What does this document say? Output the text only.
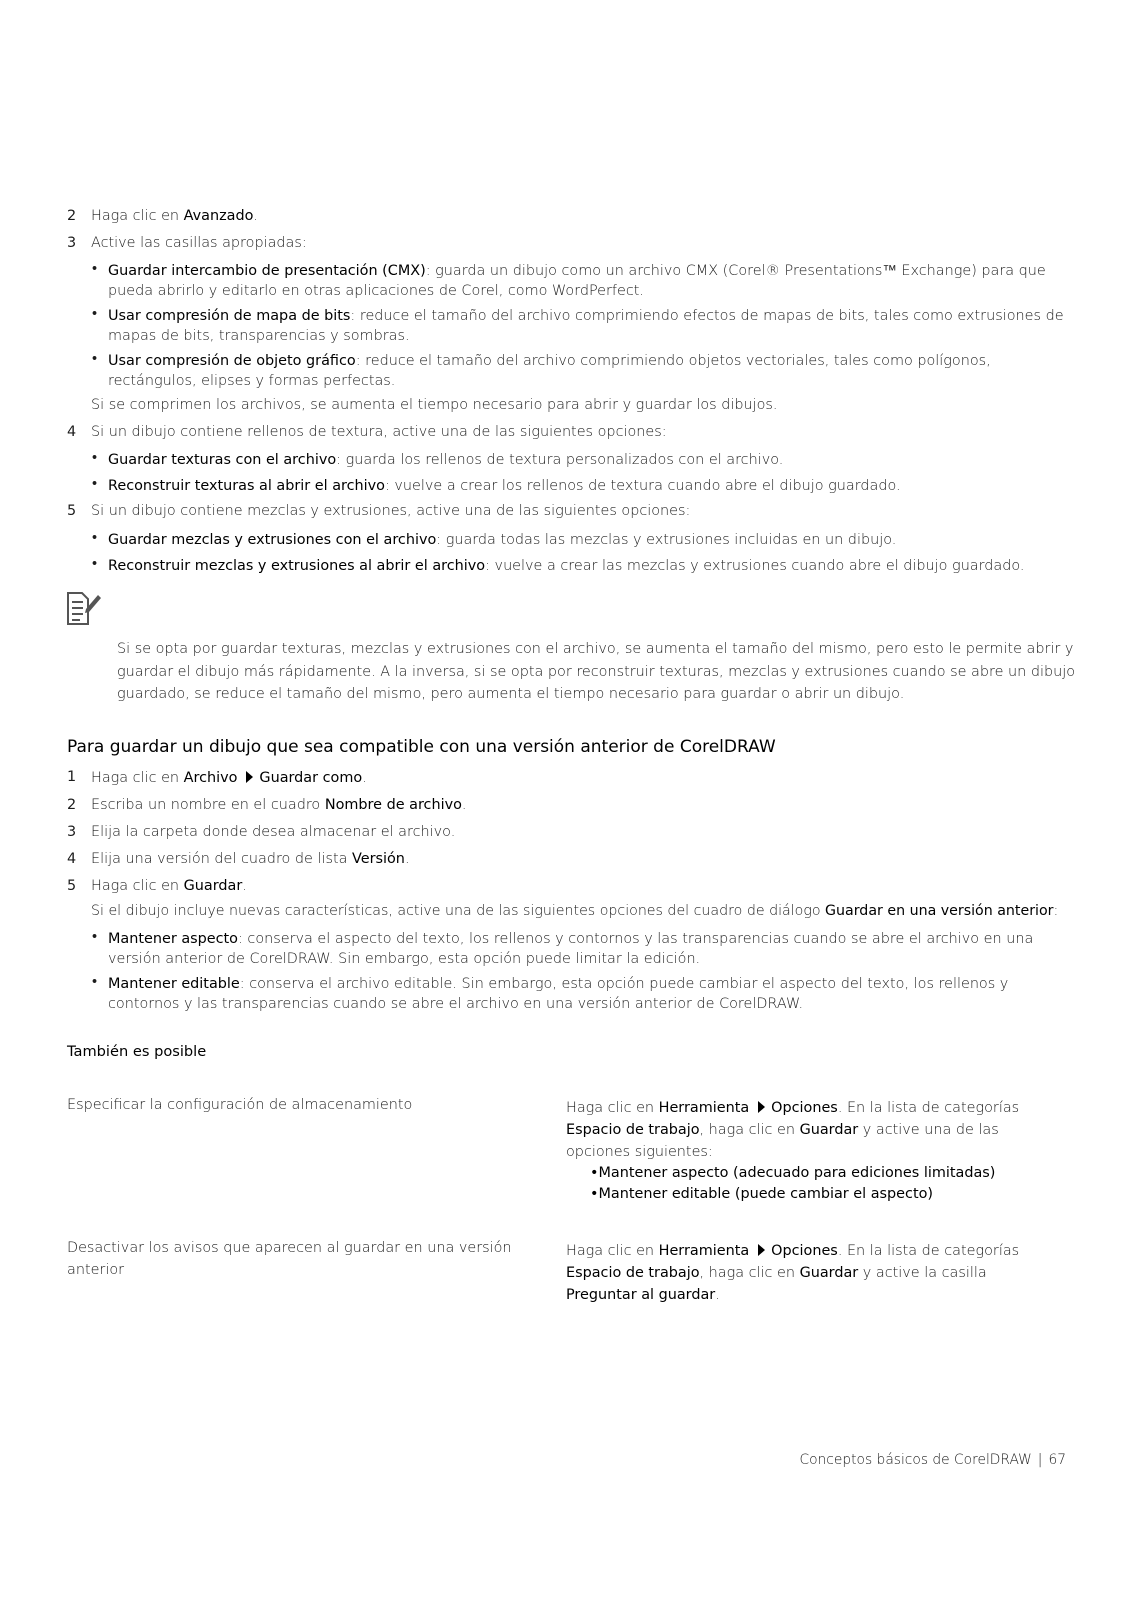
2 Haga clic en Avanzado.
3 Active las casillas apropiadas:
• Guardar intercambio de presentación (CMX): guarda un dibujo como un archivo CMX (Corel® Presentations™ Exchange) para que pueda abrirlo y editarlo en otras aplicaciones de Corel, como WordPerfect.
• Usar compresión de mapa de bits: reduce el tamaño del archivo comprimiendo efectos de mapas de bits, tales como extrusiones de mapas de bits, transparencias y sombras.
• Usar compresión de objeto gráfico: reduce el tamaño del archivo comprimiendo objetos vectoriales, tales como polígonos, rectángulos, elipses y formas perfectas.
Si se comprimen los archivos, se aumenta el tiempo necesario para abrir y guardar los dibujos.
4 Si un dibujo contiene rellenos de textura, active una de las siguientes opciones:
• Guardar texturas con el archivo: guarda los rellenos de textura personalizados con el archivo.
• Reconstruir texturas al abrir el archivo: vuelve a crear los rellenos de textura cuando abre el dibujo guardado.
5 Si un dibujo contiene mezclas y extrusiones, active una de las siguientes opciones:
• Guardar mezclas y extrusiones con el archivo: guarda todas las mezclas y extrusiones incluidas en un dibujo.
• Reconstruir mezclas y extrusiones al abrir el archivo: vuelve a crear las mezclas y extrusiones cuando abre el dibujo guardado.
Si se opta por guardar texturas, mezclas y extrusiones con el archivo, se aumenta el tamaño del mismo, pero esto le permite abrir y guardar el dibujo más rápidamente. A la inversa, si se opta por reconstruir texturas, mezclas y extrusiones cuando se abre un dibujo guardado, se reduce el tamaño del mismo, pero aumenta el tiempo necesario para guardar o abrir un dibujo.
Para guardar un dibujo que sea compatible con una versión anterior de CorelDRAW
1 Haga clic en Archivo Guardar como.
2 Escriba un nombre en el cuadro Nombre de archivo.
3 Elija la carpeta donde desea almacenar el archivo.
4 Elija una versión del cuadro de lista Versión.
5 Haga clic en Guardar.
Si el dibujo incluye nuevas características, active una de las siguientes opciones del cuadro de diálogo Guardar en una versión anterior:
• Mantener aspecto: conserva el aspecto del texto, los rellenos y contornos y las transparencias cuando se abre el archivo en una versión anterior de CorelDRAW. Sin embargo, esta opción puede limitar la edición.
• Mantener editable: conserva el archivo editable. Sin embargo, esta opción puede cambiar el aspecto del texto, los rellenos y contornos y las transparencias cuando se abre el archivo en una versión anterior de CorelDRAW.
También es posible
Especificar la configuración de almacenamiento	Haga clic en Herramienta Opciones. En la lista de categorías Espacio de trabajo, haga clic en Guardar y active una de las opciones siguientes:
•Mantener aspecto (adecuado para ediciones limitadas)
•Mantener editable (puede cambiar el aspecto)
Desactivar los avisos que aparecen al guardar en una versión anterior
Haga clic en Herramienta Opciones. En la lista de categorías Espacio de trabajo, haga clic en Guardar y active la casilla Preguntar al guardar.
Conceptos básicos de CorelDRAW | 67
